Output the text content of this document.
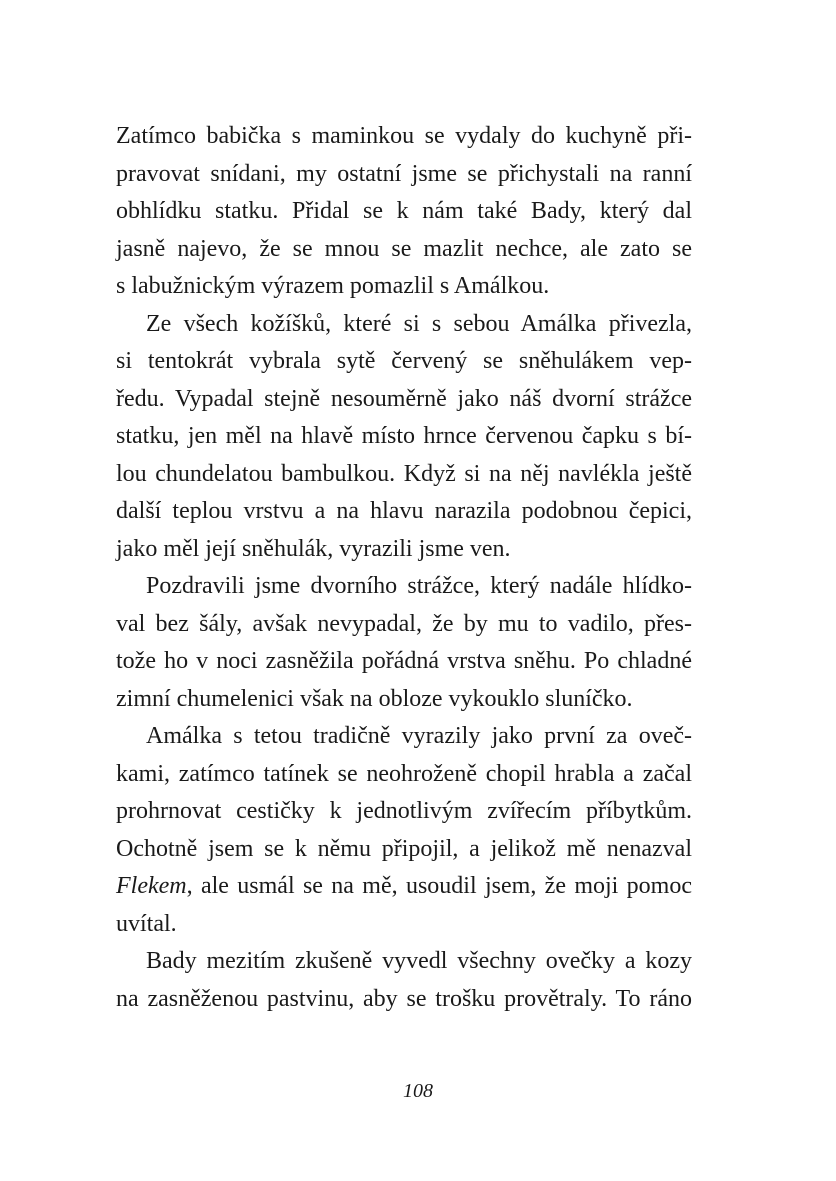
Zatímco babička s maminkou se vydaly do kuchyně při-
pravovat snídani, my ostatní jsme se přichystali na ranní
obhlídku statku. Přidal se k nám také Bady, který dal
jasně najevo, že se mnou se mazlit nechce, ale zato se
s labužnickým výrazem pomazlil s Amálkou.
Ze všech kožíšků, které si s sebou Amálka přivezla,
si tentokrát vybrala sytě červený se sněhulákem vep-
ředu. Vypadal stejně nesouměrně jako náš dvorní strážce
statku, jen měl na hlavě místo hrnce červenou čapku s bí-
lou chundelatou bambulkou. Když si na něj navlékla ještě
další teplou vrstvu a na hlavu narazila podobnou čepici,
jako měl její sněhulák, vyrazili jsme ven.
Pozdravili jsme dvorního strážce, který nadále hlídko-
val bez šály, avšak nevypadal, že by mu to vadilo, přes-
tože ho v noci zasněžila pořádná vrstva sněhu. Po chladné
zimní chumelenici však na obloze vykouklo sluníčko.
Amálka s tetou tradičně vyrazily jako první za oveč-
kami, zatímco tatínek se neohroženě chopil hrabla a začal
prohrnovat cestičky k jednotlivým zvířecím příbytkům.
Ochotně jsem se k němu připojil, a jelikož mě nenazval
Flekem, ale usmál se na mě, usoudil jsem, že moji pomoc
uvítal.
Bady mezitím zkušeně vyvedl všechny ovečky a kozy
na zasněženou pastvinu, aby se trošku provětraly. To ráno
108
